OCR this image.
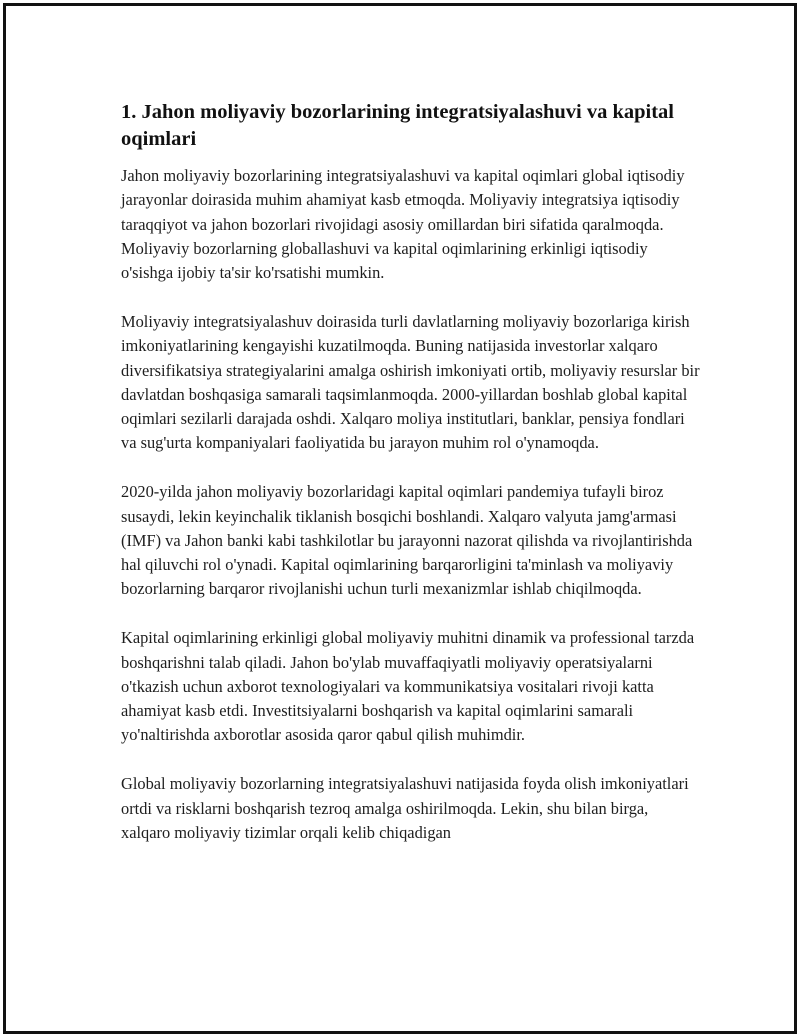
1. Jahon moliyaviy bozorlarining integratsiyalashuvi va kapital oqimlari

Jahon moliyaviy bozorlarining integratsiyalashuvi va kapital oqimlari global iqtisodiy jarayonlar doirasida muhim ahamiyat kasb etmoqda. Moliyaviy integratsiya iqtisodiy taraqqiyot va jahon bozorlari rivojidagi asosiy omillardan biri sifatida qaralmoqda. Moliyaviy bozorlarning globallashuvi va kapital oqimlarining erkinligi iqtisodiy o'sishga ijobiy ta'sir ko'rsatishi mumkin.

Moliyaviy integratsiyalashuv doirasida turli davlatlarning moliyaviy bozorlariga kirish imkoniyatlarining kengayishi kuzatilmoqda. Buning natijasida investorlar xalqaro diversifikatsiya strategiyalarini amalga oshirish imkoniyati ortib, moliyaviy resurslar bir davlatdan boshqasiga samarali taqsimlanmoqda. 2000-yillardan boshlab global kapital oqimlari sezilarli darajada oshdi. Xalqaro moliya institutlari, banklar, pensiya fondlari va sug'urta kompaniyalari faoliyatida bu jarayon muhim rol o'ynamoqda.

2020-yilda jahon moliyaviy bozorlaridagi kapital oqimlari pandemiya tufayli biroz susaydi, lekin keyinchalik tiklanish bosqichi boshlandi. Xalqaro valyuta jamg'armasi (IMF) va Jahon banki kabi tashkilotlar bu jarayonni nazorat qilishda va rivojlantirishda hal qiluvchi rol o'ynadi. Kapital oqimlarining barqarorligini ta'minlash va moliyaviy bozorlarning barqaror rivojlanishi uchun turli mexanizmlar ishlab chiqilmoqda.

Kapital oqimlarining erkinligi global moliyaviy muhitni dinamik va professional tarzda boshqarishni talab qiladi. Jahon bo'ylab muvaffaqiyatli moliyaviy operatsiyalarni o'tkazish uchun axborot texnologiyalari va kommunikatsiya vositalari rivoji katta ahamiyat kasb etdi. Investitsiyalarni boshqarish va kapital oqimlarini samarali yo'naltirishda axborotlar asosida qaror qabul qilish muhimdir.

Global moliyaviy bozorlarning integratsiyalashuvi natijasida foyda olish imkoniyatlari ortdi va risklarni boshqarish tezroq amalga oshirilmoqda. Lekin, shu bilan birga, xalqaro moliyaviy tizimlar orqali kelib chiqadigan
